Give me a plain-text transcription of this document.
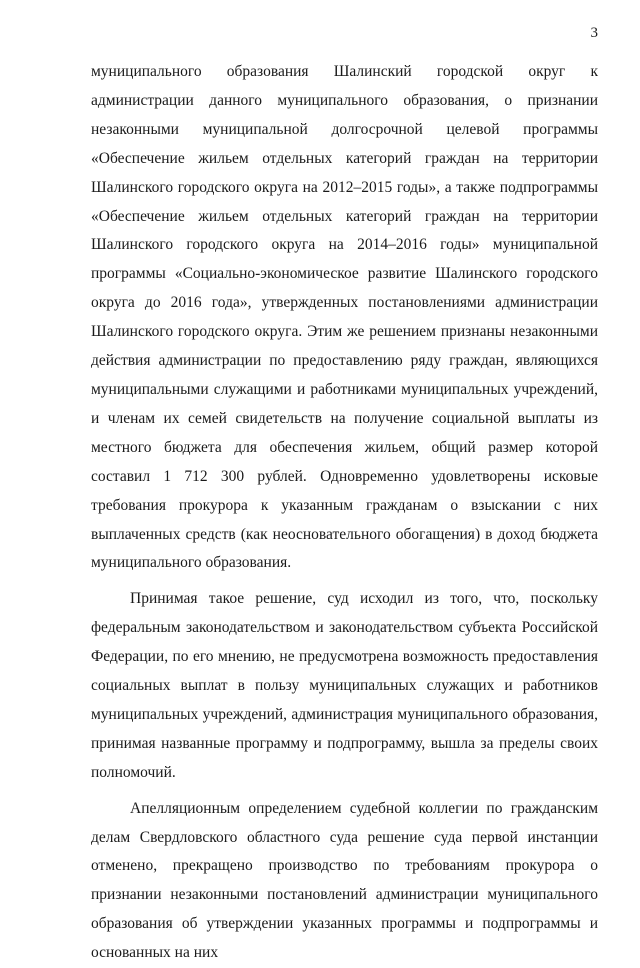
3

муниципального образования Шалинский городской округ к администрации данного муниципального образования, о признании незаконными муниципальной долгосрочной целевой программы «Обеспечение жильем отдельных категорий граждан на территории Шалинского городского округа на 2012–2015 годы», а также подпрограммы «Обеспечение жильем отдельных категорий граждан на территории Шалинского городского округа на 2014–2016 годы» муниципальной программы «Социально-экономическое развитие Шалинского городского округа до 2016 года», утвержденных постановлениями администрации Шалинского городского округа. Этим же решением признаны незаконными действия администрации по предоставлению ряду граждан, являющихся муниципальными служащими и работниками муниципальных учреждений, и членам их семей свидетельств на получение социальной выплаты из местного бюджета для обеспечения жильем, общий размер которой составил 1 712 300 рублей. Одновременно удовлетворены исковые требования прокурора к указанным гражданам о взыскании с них выплаченных средств (как неосновательного обогащения) в доход бюджета муниципального образования.

Принимая такое решение, суд исходил из того, что, поскольку федеральным законодательством и законодательством субъекта Российской Федерации, по его мнению, не предусмотрена возможность предоставления социальных выплат в пользу муниципальных служащих и работников муниципальных учреждений, администрация муниципального образования, принимая названные программу и подпрограмму, вышла за пределы своих полномочий.

Апелляционным определением судебной коллегии по гражданским делам Свердловского областного суда решение суда первой инстанции отменено, прекращено производство по требованиям прокурора о признании незаконными постановлений администрации муниципального образования об утверждении указанных программы и подпрограммы и основанных на них
